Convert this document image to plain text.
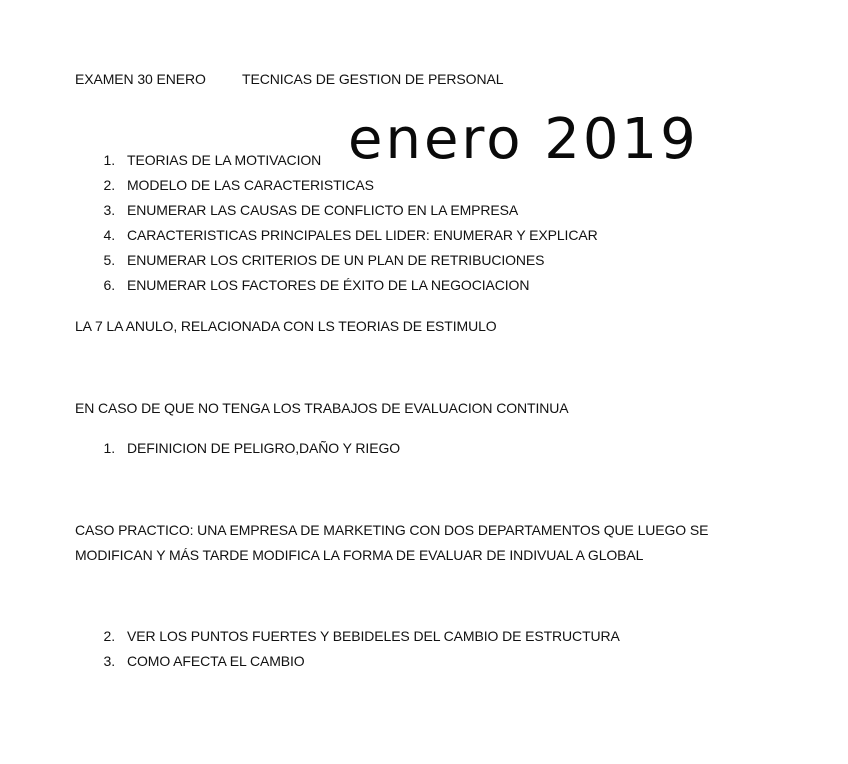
EXAMEN 30 ENERO	TECNICAS DE GESTION DE PERSONAL
enero 2019
1. TEORIAS DE LA MOTIVACION
2. MODELO DE LAS CARACTERISTICAS
3. ENUMERAR LAS CAUSAS DE CONFLICTO EN LA EMPRESA
4. CARACTERISTICAS PRINCIPALES DEL LIDER: ENUMERAR Y EXPLICAR
5. ENUMERAR LOS CRITERIOS DE UN PLAN DE RETRIBUCIONES
6. ENUMERAR LOS FACTORES DE ÉXITO DE LA NEGOCIACION
LA 7 LA ANULO, RELACIONADA CON LS TEORIAS DE ESTIMULO
EN CASO DE QUE NO TENGA LOS TRABAJOS DE EVALUACION CONTINUA
1. DEFINICION DE PELIGRO,DAÑO Y RIEGO
CASO PRACTICO: UNA EMPRESA DE MARKETING CON DOS DEPARTAMENTOS QUE LUEGO SE
MODIFICAN Y MÁS TARDE MODIFICA LA FORMA DE EVALUAR DE INDIVUAL A GLOBAL
2. VER LOS PUNTOS FUERTES Y BEBIDELES DEL CAMBIO DE ESTRUCTURA
3. COMO AFECTA EL CAMBIO
